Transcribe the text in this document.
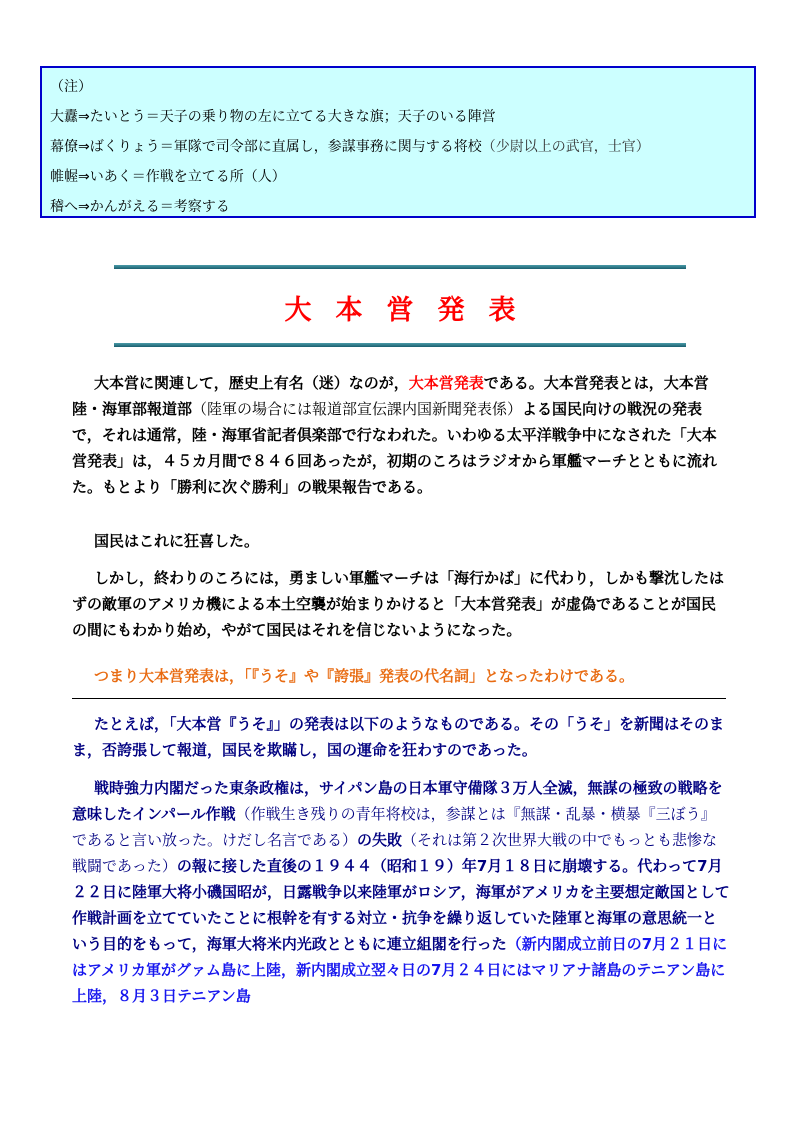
（注）
大纛⇒たいとう＝天子の乗り物の左に立てる大きな旗；天子のいる陣営
幕僚⇒ばくりょう＝軍隊で司令部に直属し，参謀事務に関与する将校（少尉以上の武官，士官）
帷幄⇒いあく＝作戦を立てる所（人）
稽へ⇒かんがえる＝考察する
大本営発表
大本営に関連して，歴史上有名（迷）なのが，大本営発表である。大本営発表とは，大本営陸・海軍部報道部（陸軍の場合には報道部宣伝課内国新聞発表係）よる国民向けの戦況の発表で，それは通常，陸・海軍省記者倶楽部で行なわれた。いわゆる太平洋戦争中になされた「大本営発表」は，４５カ月間で８４６回あったが，初期のころはラジオから軍艦マーチとともに流れた。もとより「勝利に次ぐ勝利」の戦果報告である。
国民はこれに狂喜した。
しかし，終わりのころには，勇ましい軍艦マーチは「海行かば」に代わり，しかも撃沈したはずの敵軍のアメリカ機による本土空襲が始まりかけると「大本営発表」が虚偽であることが国民の間にもわかり始め，やがて国民はそれを信じないようになった。
つまり大本営発表は，「『うそ』や『誇張』発表の代名詞」となったわけである。
たとえば，「大本営『うそ』」の発表は以下のようなものである。その「うそ」を新聞はそのまま，否誇張して報道，国民を欺瞞し，国の運命を狂わすのであった。
戦時強力内閣だった東条政権は，サイパン島の日本軍守備隊３万人全滅，無謀の極致の戦略を意味したインパール作戦（作戦生き残りの青年将校は，参謀とは『無謀・乱暴・横暴『三ぼう』であると言い放った。けだし名言である）の失敗（それは第２次世界大戦の中でもっとも悲惨な戦闘であった）の報に接した直後の１９４４（昭和１９）年7月１８日に崩壊する。代わって7月２２日に陸軍大将小磯国昭が，日露戦争以来陸軍がロシア，海軍がアメリカを主要想定敵国として作戦計画を立てていたことに根幹を有する対立・抗争を繰り返していた陸軍と海軍の意思統一という目的をもって，海軍大将米内光政とともに連立組閣を行った（新内閣成立前日の7月２１日にはアメリカ軍がグァム島に上陸，新内閣成立翌々日の7月２４日にはマリアナ諸島のテニアン島に上陸，８月３日テニアン島
